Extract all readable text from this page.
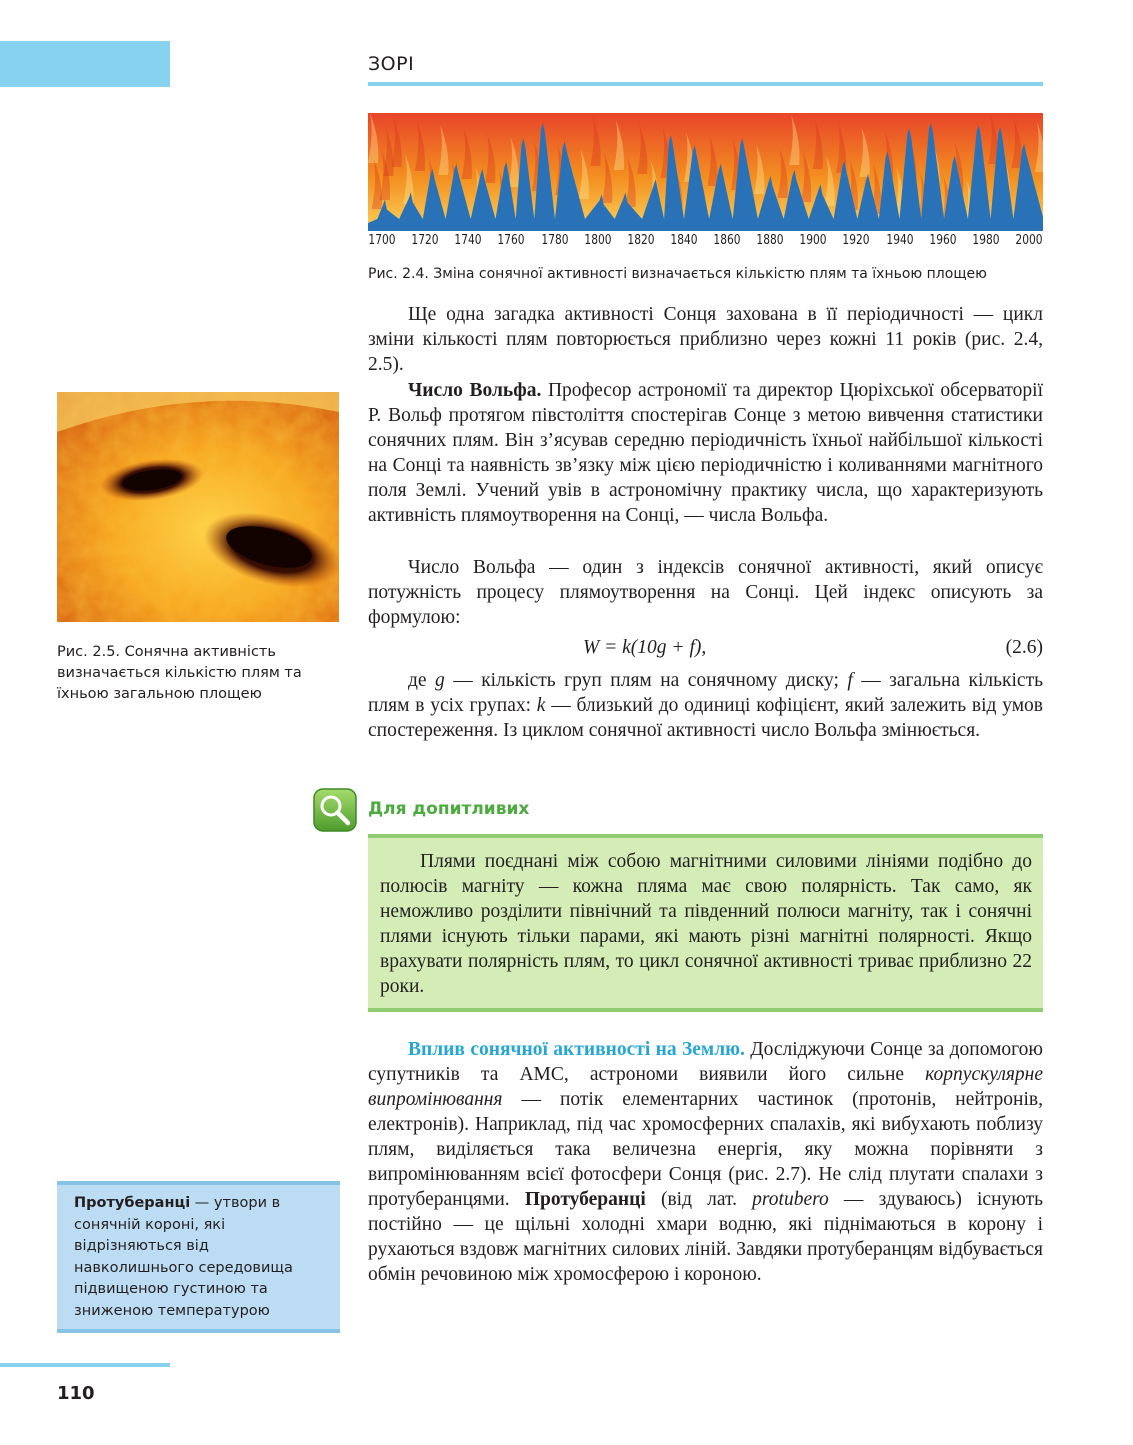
ЗОРІ
1700 1720 1740 1760 1780 1800 1820 1840 1860 1880 1900 1920 1940 1960 1980 2000
Рис. 2.4. Зміна сонячної активності визначається кількістю плям та їхньою площею
Ще одна загадка активності Сонця захована в її періодичності — цикл зміни кількості плям повторюється приблизно через кожні 11 років (рис. 2.4, 2.5).
Число Вольфа. Професор астрономії та директор Цюріхської обсерваторії Р. Вольф протягом півстоліття спостерігав Сонце з метою вивчення статистики сонячних плям. Він з’ясував середню періодичність їхньої найбільшої кількості на Сонці та наявність зв’язку між цією періодичністю і коливаннями магнітного поля Землі. Учений увів в астрономічну практику числа, що характеризують активність плямоутворення на Сонці, — числа Вольфа.
Число Вольфа — один з індексів сонячної активності, який описує потужність процесу плямоутворення на Сонці. Цей індекс описують за формулою:
W = k(10g + f),	(2.6)
де g — кількість груп плям на сонячному диску; f — загальна кількість плям в усіх групах: k — близький до одиниці кофіцієнт, який залежить від умов спостереження. Із циклом сонячної активності число Вольфа змінюється.
Рис. 2.5. Сонячна активність визначається кількістю плям та їхньою загальною площею
Для допитливих
Плями поєднані між собою магнітними силовими лініями подібно до полюсів магніту — кожна пляма має свою полярність. Так само, як неможливо розділити північний та південний полюси магніту, так і сонячні плями існують тільки парами, які мають різні магнітні полярності. Якщо врахувати полярність плям, то цикл сонячної активності триває приблизно 22 роки.
Вплив сонячної активності на Землю. Досліджуючи Сонце за допомогою супутників та АМС, астрономи виявили його сильне корпускулярне випромінювання — потік елементарних частинок (протонів, нейтронів, електронів). Наприклад, під час хромосферних спалахів, які вибухають поблизу плям, виділяється така величезна енергія, яку можна порівняти з випромінюванням всієї фотосфери Сонця (рис. 2.7). Не слід плутати спалахи з протуберанцями. Протуберанці (від лат. protubero — здуваюсь) існують постійно — це щільні холодні хмари водню, які піднімаються в корону і рухаються вздовж магнітних силових ліній. Завдяки протуберанцям відбувається обмін речовиною між хромосферою і короною.
Протуберанці — утвори в сонячній короні, які відрізняються від навколишнього середовища підвищеною густиною та зниженою температурою
110
